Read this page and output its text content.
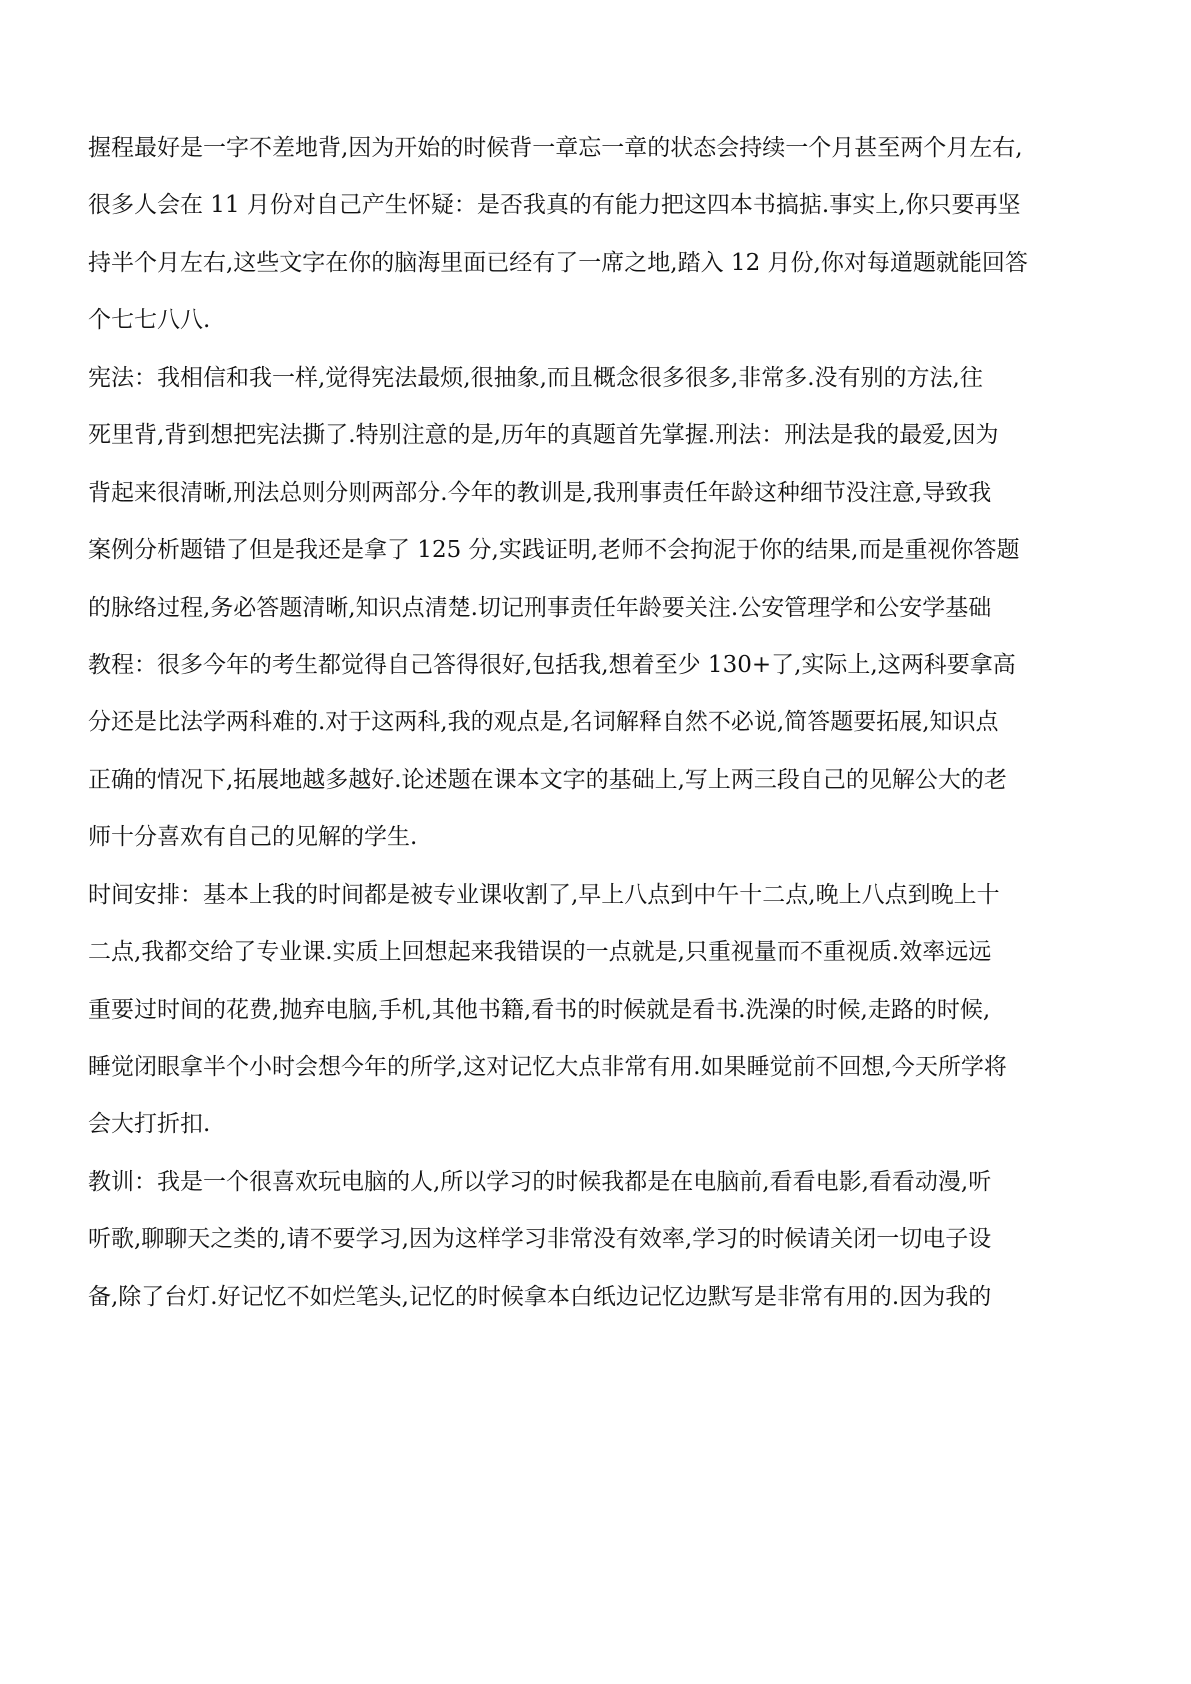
握程最好是一字不差地背,因为开始的时候背一章忘一章的状态会持续一个月甚至两个月左右,
很多人会在 11 月份对自己产生怀疑：是否我真的有能力把这四本书搞掂.事实上,你只要再坚
持半个月左右,这些文字在你的脑海里面已经有了一席之地,踏入 12 月份,你对每道题就能回答
个七七八八.
宪法：我相信和我一样,觉得宪法最烦,很抽象,而且概念很多很多,非常多.没有别的方法,往
死里背,背到想把宪法撕了.特别注意的是,历年的真题首先掌握.刑法：刑法是我的最爱,因为
背起来很清晰,刑法总则分则两部分.今年的教训是,我刑事责任年龄这种细节没注意,导致我
案例分析题错了但是我还是拿了 125 分,实践证明,老师不会拘泥于你的结果,而是重视你答题
的脉络过程,务必答题清晰,知识点清楚.切记刑事责任年龄要关注.公安管理学和公安学基础
教程：很多今年的考生都觉得自己答得很好,包括我,想着至少 130+了,实际上,这两科要拿高
分还是比法学两科难的.对于这两科,我的观点是,名词解释自然不必说,简答题要拓展,知识点
正确的情况下,拓展地越多越好.论述题在课本文字的基础上,写上两三段自己的见解公大的老
师十分喜欢有自己的见解的学生.
时间安排：基本上我的时间都是被专业课收割了,早上八点到中午十二点,晚上八点到晚上十
二点,我都交给了专业课.实质上回想起来我错误的一点就是,只重视量而不重视质.效率远远
重要过时间的花费,抛弃电脑,手机,其他书籍,看书的时候就是看书.洗澡的时候,走路的时候,
睡觉闭眼拿半个小时会想今年的所学,这对记忆大点非常有用.如果睡觉前不回想,今天所学将
会大打折扣.
教训：我是一个很喜欢玩电脑的人,所以学习的时候我都是在电脑前,看看电影,看看动漫,听
听歌,聊聊天之类的,请不要学习,因为这样学习非常没有效率,学习的时候请关闭一切电子设
备,除了台灯.好记忆不如烂笔头,记忆的时候拿本白纸边记忆边默写是非常有用的.因为我的
